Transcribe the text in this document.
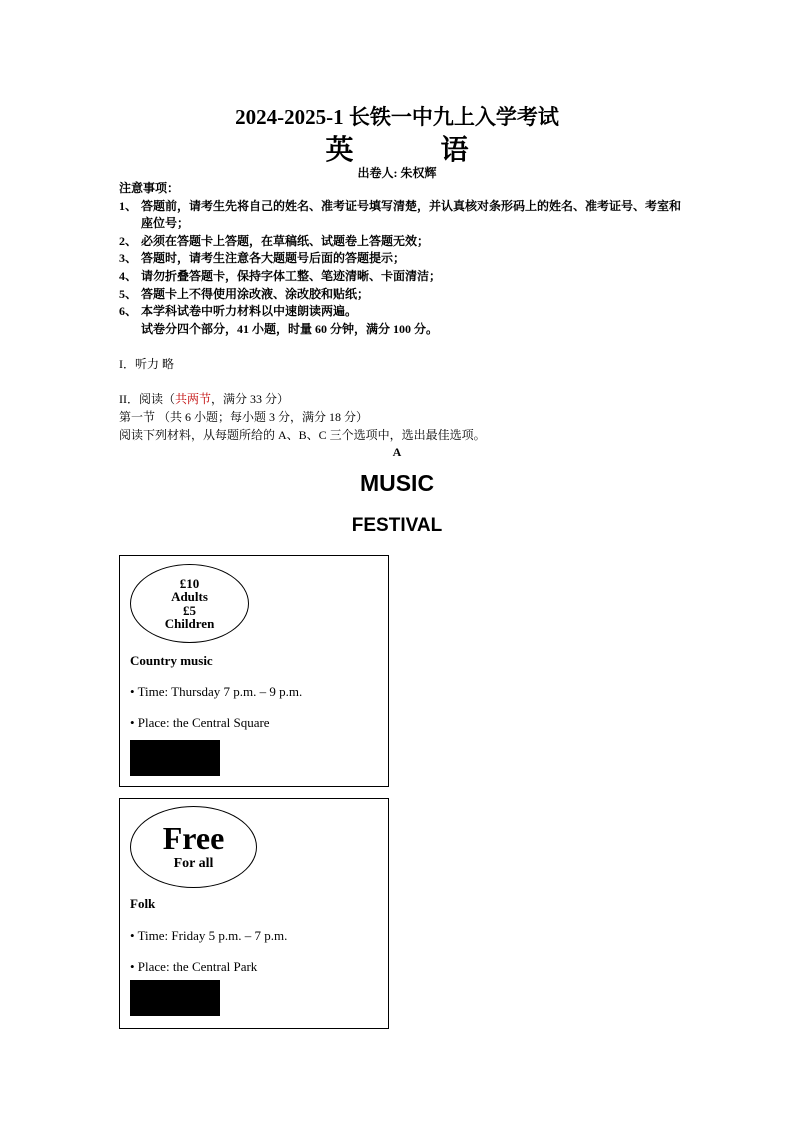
2024-2025-1 长铁一中九上入学考试
英 语
出卷人: 朱权辉
注意事项：
1、 答题前，请考生先将自己的姓名、准考证号填写清楚，并认真核对条形码上的姓名、准考证号、考室和座位号；
2、 必须在答题卡上答题，在草稿纸、试题卷上答题无效；
3、 答题时，请考生注意各大题题号后面的答题提示；
4、 请勿折叠答题卡，保持字体工整、笔迹清晰、卡面清洁；
5、 答题卡上不得使用涂改液、涂改胶和贴纸；
6、 本学科试卷中听力材料以中速朗读两遍。
试卷分四个部分，41 小题，时量 60 分钟，满分 100 分。
I．听力 略
II．阅读（共两节，满分 33 分）
第一节 （共 6 小题；每小题 3 分，满分 18 分）
阅读下列材料，从每题所给的 A、B、C 三个选项中，选出最佳选项。
A
MUSIC
FESTIVAL
£10
Adults
£5
Children
Country music
• Time: Thursday 7 p.m. – 9 p.m.
• Place: the Central Square
Free
For all
Folk
• Time: Friday 5 p.m. – 7 p.m.
• Place: the Central Park
